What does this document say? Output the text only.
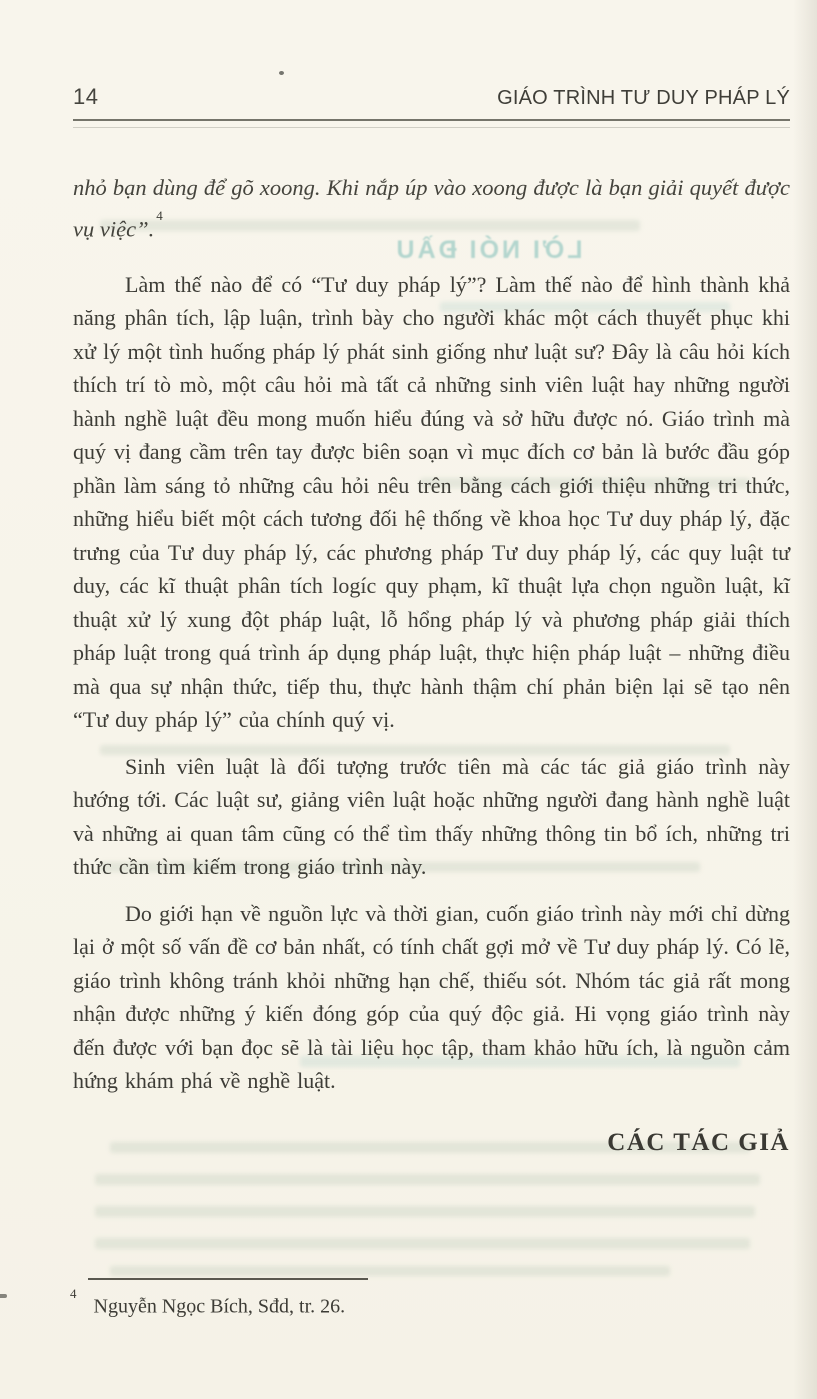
LỜI NÓI ĐẦU
14	GIÁO TRÌNH TƯ DUY PHÁP LÝ

nhỏ bạn dùng để gõ xoong. Khi nắp úp vào xoong được là bạn giải quyết được vụ việc”.$^4$

Làm thế nào để có “Tư duy pháp lý”? Làm thế nào để hình thành khả năng phân tích, lập luận, trình bày cho người khác một cách thuyết phục khi xử lý một tình huống pháp lý phát sinh giống như luật sư? Đây là câu hỏi kích thích trí tò mò, một câu hỏi mà tất cả những sinh viên luật hay những người hành nghề luật đều mong muốn hiểu đúng và sở hữu được nó. Giáo trình mà quý vị đang cầm trên tay được biên soạn vì mục đích cơ bản là bước đầu góp phần làm sáng tỏ những câu hỏi nêu trên bằng cách giới thiệu những tri thức, những hiểu biết một cách tương đối hệ thống về khoa học Tư duy pháp lý, đặc trưng của Tư duy pháp lý, các phương pháp Tư duy pháp lý, các quy luật tư duy, các kĩ thuật phân tích logíc quy phạm, kĩ thuật lựa chọn nguồn luật, kĩ thuật xử lý xung đột pháp luật, lỗ hổng pháp lý và phương pháp giải thích pháp luật trong quá trình áp dụng pháp luật, thực hiện pháp luật – những điều mà qua sự nhận thức, tiếp thu, thực hành thậm chí phản biện lại sẽ tạo nên “Tư duy pháp lý” của chính quý vị.

Sinh viên luật là đối tượng trước tiên mà các tác giả giáo trình này hướng tới. Các luật sư, giảng viên luật hoặc những người đang hành nghề luật và những ai quan tâm cũng có thể tìm thấy những thông tin bổ ích, những tri thức cần tìm kiếm trong giáo trình này.

Do giới hạn về nguồn lực và thời gian, cuốn giáo trình này mới chỉ dừng lại ở một số vấn đề cơ bản nhất, có tính chất gợi mở về Tư duy pháp lý. Có lẽ, giáo trình không tránh khỏi những hạn chế, thiếu sót. Nhóm tác giả rất mong nhận được những ý kiến đóng góp của quý độc giả. Hi vọng giáo trình này đến được với bạn đọc sẽ là tài liệu học tập, tham khảo hữu ích, là nguồn cảm hứng khám phá về nghề luật.

CÁC TÁC GIẢ
$^4$Nguyễn Ngọc Bích, Sđd, tr. 26.
